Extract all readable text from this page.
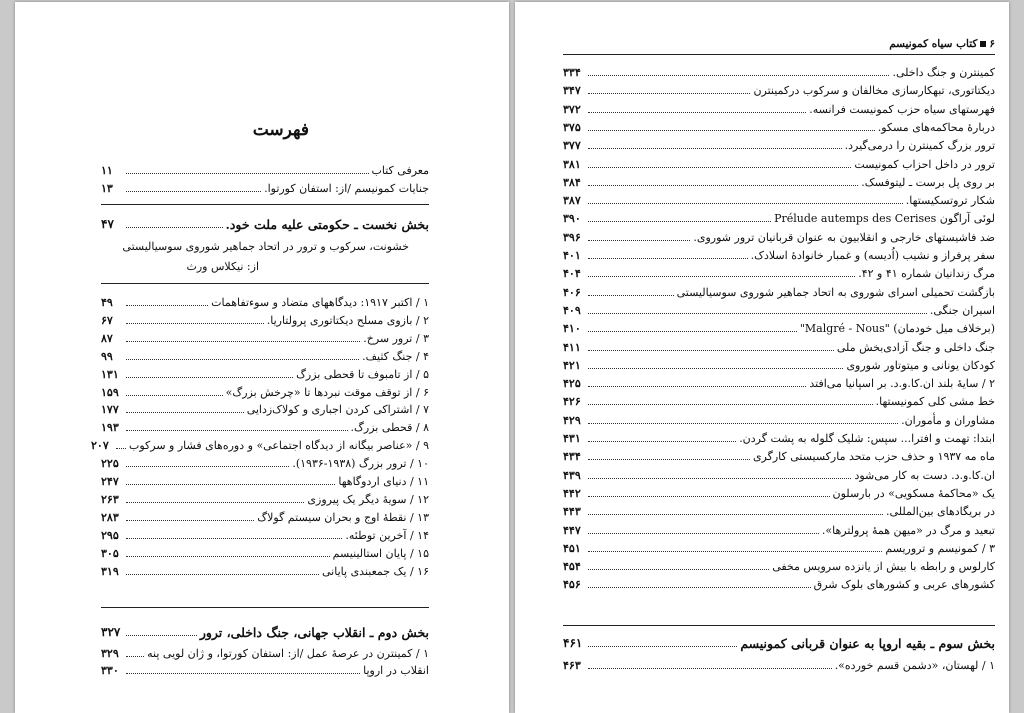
فهرست
معرفی کتاب
۱۱
جنایات کمونیسم /از: استفان کورتوا.
۱۳
بخش نخست ـ حکومتی علیه ملت خود.
۴۷
خشونت، سرکوب و ترور در اتحاد جماهیر شوروی سوسیالیستی
از: نیکلاس ورث
۱ / اکتبر ۱۹۱۷: دیدگاههای متضاد و سوءتفاهمات
۴۹
۲ / بازوی مسلح دیکتاتوری پرولتاریا.
۶۷
۳ / ترور سرخ.
۸۷
۴ / جنگ کثیف.
۹۹
۵ / از تامبوف تا قحطی بزرگ
۱۳۱
۶ / از توقف موقت نبردها تا «چرخش بزرگ»
۱۵۹
۷ / اشتراکی کردن اجباری و کولاک‌زدایی
۱۷۷
۸ / قحطی بزرگ.
۱۹۳
۹ / «عناصر بیگانه از دیدگاه اجتماعی» و دوره‌های فشار و سرکوب
۲۰۷
۱۰ / ترور بزرگ (۱۹۳۸-۱۹۳۶).
۲۲۵
۱۱ / دنیای اردوگاهها
۲۴۷
۱۲ / سویهٔ دیگر یک پیروزی
۲۶۳
۱۳ / نقطهٔ اوج و بحران سیستم گولاگ
۲۸۳
۱۴ / آخرین توطئه.
۲۹۵
۱۵ / پایان استالینیسم
۳۰۵
۱۶ / یک جمعبندی پایانی
۳۱۹
بخش دوم ـ انقلاب جهانی، جنگ داخلی، ترور
۳۲۷
۱ / کمینترن در عرصهٔ عمل /از: استفان کورتوا، و ژان لویی پنه
۳۲۹
انقلاب در اروپا
۳۳۰
۶کتاب سیاه کمونیسم
کمینترن و جنگ داخلی.
۳۳۴
دیکتاتوری، تبهکارسازی مخالفان و سرکوب درکمینترن
۳۴۷
فهرستهای سیاه حزب کمونیست فرانسه.
۳۷۲
دربارهٔ محاکمه‌های مسکو.
۳۷۵
ترور بزرگ کمینترن را درمی‌گیرد.
۳۷۷
ترور در داخل احزاب کمونیست
۳۸۱
بر روی پل برست ـ لیتوفسک.
۳۸۴
شکار تروتسکیستها.
۳۸۷
لوئی آراگون Prélude autemps des Cerises
۳۹۰
ضد فاشیستهای خارجی و انقلابیون به عنوان قربانیان ترور شوروی.
۳۹۶
سفر پرفراز و نشیب (اُدیسه) و غمبار خانوادهٔ اسلادک.
۴۰۱
مرگ زندانیان شماره ۴۱ و ۴۲.
۴۰۴
بازگشت تحمیلی اسرای شوروی به اتحاد جماهیر شوروی سوسیالیستی
۴۰۶
اسیران جنگی.
۴۰۹
"Malgré - Nous" (برخلاف میل خودمان)
۴۱۰
جنگ داخلی و جنگ آزادی‌بخش ملی
۴۱۱
کودکان یونانی و میتوتاور شوروی
۴۲۱
۲ / سایهٔ بلند ان.کا.و.د. بر اسپانیا می‌افتد
۴۲۵
خط مشی کلی کمونیستها.
۴۲۶
مشاوران و مأموران.
۴۲۹
ابتدا: تهمت و افترا... سپس: شلیک گلوله به پشت گردن.
۴۳۱
ماه مه ۱۹۳۷ و حذف حزب متحد مارکسیستی کارگری
۴۳۴
ان.کا.و.د. دست به کار می‌شود
۴۳۹
یک «محاکمهٔ مسکویی» در بارسلون
۴۴۲
در بریگادهای بین‌المللی.
۴۴۳
تبعید و مرگ در «میهن همهٔ پرولترها».
۴۴۷
۳ / کمونیسم و تروریسم
۴۵۱
کارلوس و رابطه با بیش از یانزده سرویس مخفی
۴۵۴
کشورهای عربی و کشورهای بلوک شرق
۴۵۶
بخش سوم ـ بقیه اروپا به عنوان قربانی کمونیسم
۴۶۱
۱ / لهستان، «دشمن قسم خورده».
۴۶۳
